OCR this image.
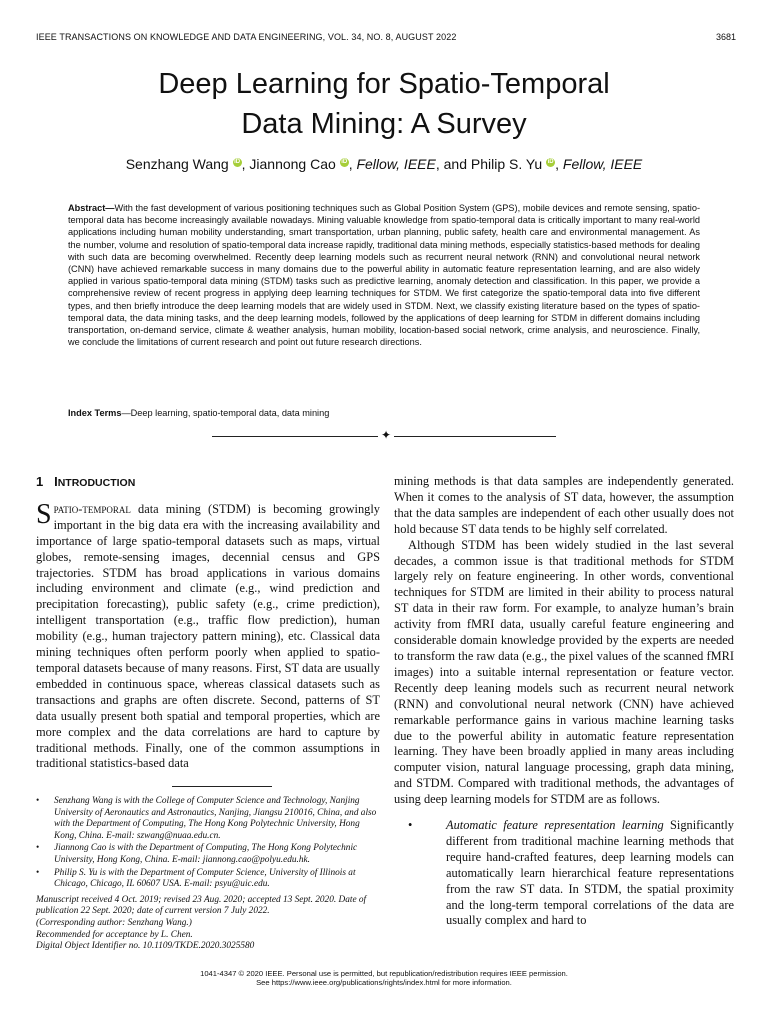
IEEE TRANSACTIONS ON KNOWLEDGE AND DATA ENGINEERING, VOL. 34, NO. 8, AUGUST 2022	3681
Deep Learning for Spatio-Temporal
Data Mining: A Survey
Senzhang Wang iD , Jiannong Cao iD , Fellow, IEEE, and Philip S. Yu iD , Fellow, IEEE
Abstract—With the fast development of various positioning techniques such as Global Position System (GPS), mobile devices and remote sensing, spatio-temporal data has become increasingly available nowadays. Mining valuable knowledge from spatio-temporal data is critically important to many real-world applications including human mobility understanding, smart transportation, urban planning, public safety, health care and environmental management. As the number, volume and resolution of spatio-temporal data increase rapidly, traditional data mining methods, especially statistics-based methods for dealing with such data are becoming overwhelmed. Recently deep learning models such as recurrent neural network (RNN) and convolutional neural network (CNN) have achieved remarkable success in many domains due to the powerful ability in automatic feature representation learning, and are also widely applied in various spatio-temporal data mining (STDM) tasks such as predictive learning, anomaly detection and classification. In this paper, we provide a comprehensive review of recent progress in applying deep learning techniques for STDM. We first categorize the spatio-temporal data into five different types, and then briefly introduce the deep learning models that are widely used in STDM. Next, we classify existing literature based on the types of spatio-temporal data, the data mining tasks, and the deep learning models, followed by the applications of deep learning for STDM in different domains including transportation, on-demand service, climate & weather analysis, human mobility, location-based social network, crime analysis, and neuroscience. Finally, we conclude the limitations of current research and point out future research directions.
Index Terms—Deep learning, spatio-temporal data, data mining
✦
1 INTRODUCTION

Spatio-temporal data mining (STDM) is becoming growingly important in the big data era with the increasing availability and importance of large spatio-temporal datasets such as maps, virtual globes, remote-sensing images, decennial census and GPS trajectories. STDM has broad applications in various domains including environment and climate (e.g., wind prediction and precipitation forecasting), public safety (e.g., crime prediction), intelligent transportation (e.g., traffic flow prediction), human mobility (e.g., human trajectory pattern mining), etc. Classical data mining techniques often perform poorly when applied to spatio-temporal datasets because of many reasons. First, ST data are usually embedded in continuous space, whereas classical datasets such as transactions and graphs are often discrete. Second, patterns of ST data usually present both spatial and temporal properties, which are more complex and the data correlations are hard to capture by traditional methods. Finally, one of the common assumptions in traditional statistics-based data

•	Senzhang Wang is with the College of Computer Science and Technology, Nanjing University of Aeronautics and Astronautics, Nanjing, Jiangsu 210016, China, and also with the Department of Computing, The Hong Kong Polytechnic University, Hong Kong, China. E-mail: szwang@nuaa.edu.cn.
•	Jiannong Cao is with the Department of Computing, The Hong Kong Polytechnic University, Hong Kong, China. E-mail: jiannong.cao@polyu.edu.hk.
•	Philip S. Yu is with the Department of Computer Science, University of Illinois at Chicago, Chicago, IL 60607 USA. E-mail: psyu@uic.edu.
Manuscript received 4 Oct. 2019; revised 23 Aug. 2020; accepted 13 Sept. 2020. Date of publication 22 Sept. 2020; date of current version 7 July 2022.
(Corresponding author: Senzhang Wang.)
Recommended for acceptance by L. Chen.
Digital Object Identifier no. 10.1109/TKDE.2020.3025580

mining methods is that data samples are independently generated. When it comes to the analysis of ST data, however, the assumption that the data samples are independent of each other usually does not hold because ST data tends to be highly self correlated.

Although STDM has been widely studied in the last several decades, a common issue is that traditional methods for STDM largely rely on feature engineering. In other words, conventional techniques for STDM are limited in their ability to process natural ST data in their raw form. For example, to analyze human’s brain activity from fMRI data, usually careful feature engineering and considerable domain knowledge provided by the experts are needed to transform the raw data (e.g., the pixel values of the scanned fMRI images) into a suitable internal representation or feature vector. Recently deep leaning models such as recurrent neural network (RNN) and convolutional neural network (CNN) have achieved remarkable performance gains in various machine learning tasks due to the powerful ability in automatic feature representation learning. They have been broadly applied in many areas including computer vision, natural language processing, graph data mining, and STDM. Compared with traditional methods, the advantages of using deep learning models for STDM are as follows.

•	Automatic feature representation learning Significantly different from traditional machine learning methods that require hand-crafted features, deep learning models can automatically learn hierarchical feature representations from the raw ST data. In STDM, the spatial proximity and the long-term temporal correlations of the data are usually complex and hard to
1041-4347 © 2020 IEEE. Personal use is permitted, but republication/redistribution requires IEEE permission.
See https://www.ieee.org/publications/rights/index.html for more information.
